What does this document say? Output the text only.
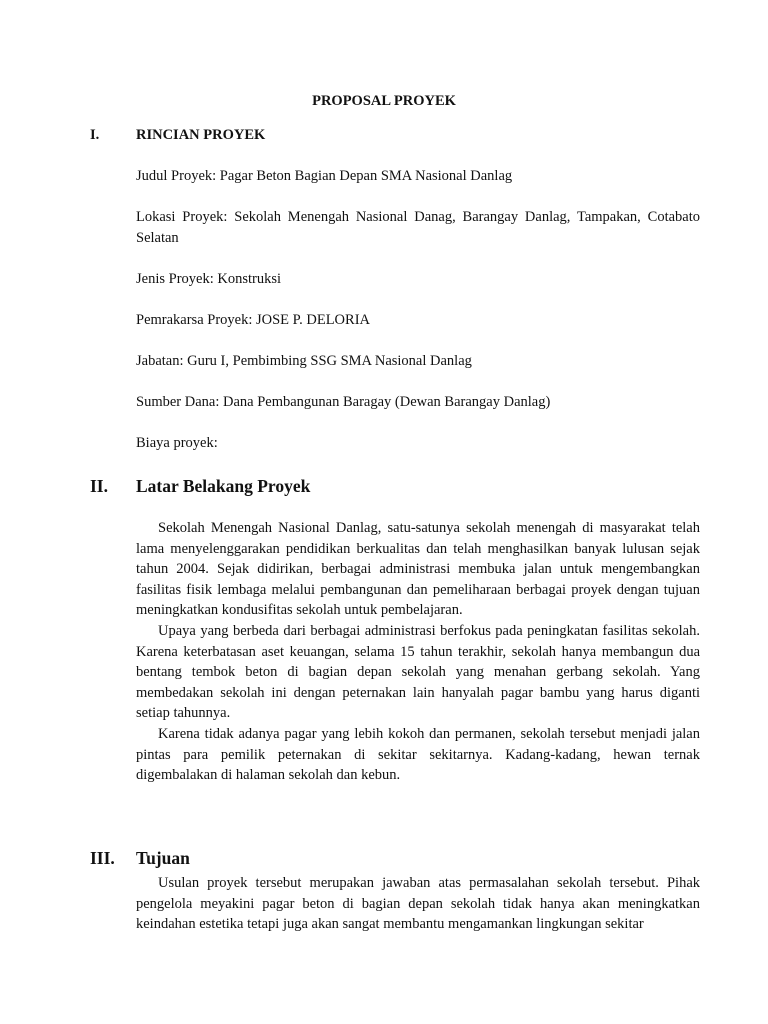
PROPOSAL PROYEK
I.	RINCIAN PROYEK
Judul Proyek: Pagar Beton Bagian Depan SMA Nasional Danlag
Lokasi Proyek: Sekolah Menengah Nasional Danag, Barangay Danlag, Tampakan, Cotabato Selatan
Jenis Proyek: Konstruksi
Pemrakarsa Proyek: JOSE P. DELORIA
Jabatan: Guru I, Pembimbing SSG SMA Nasional Danlag
Sumber Dana: Dana Pembangunan Baragay (Dewan Barangay Danlag)
Biaya proyek:
II. Latar Belakang Proyek
Sekolah Menengah Nasional Danlag, satu-satunya sekolah menengah di masyarakat telah lama menyelenggarakan pendidikan berkualitas dan telah menghasilkan banyak lulusan sejak tahun 2004. Sejak didirikan, berbagai administrasi membuka jalan untuk mengembangkan fasilitas fisik lembaga melalui pembangunan dan pemeliharaan berbagai proyek dengan tujuan meningkatkan kondusifitas sekolah untuk pembelajaran.
Upaya yang berbeda dari berbagai administrasi berfokus pada peningkatan fasilitas sekolah. Karena keterbatasan aset keuangan, selama 15 tahun terakhir, sekolah hanya membangun dua bentang tembok beton di bagian depan sekolah yang menahan gerbang sekolah. Yang membedakan sekolah ini dengan peternakan lain hanyalah pagar bambu yang harus diganti setiap tahunnya.
Karena tidak adanya pagar yang lebih kokoh dan permanen, sekolah tersebut menjadi jalan pintas para pemilik peternakan di sekitar sekitarnya. Kadang-kadang, hewan ternak digembalakan di halaman sekolah dan kebun.
III. Tujuan
Usulan proyek tersebut merupakan jawaban atas permasalahan sekolah tersebut. Pihak pengelola meyakini pagar beton di bagian depan sekolah tidak hanya akan meningkatkan keindahan estetika tetapi juga akan sangat membantu mengamankan lingkungan sekitar
